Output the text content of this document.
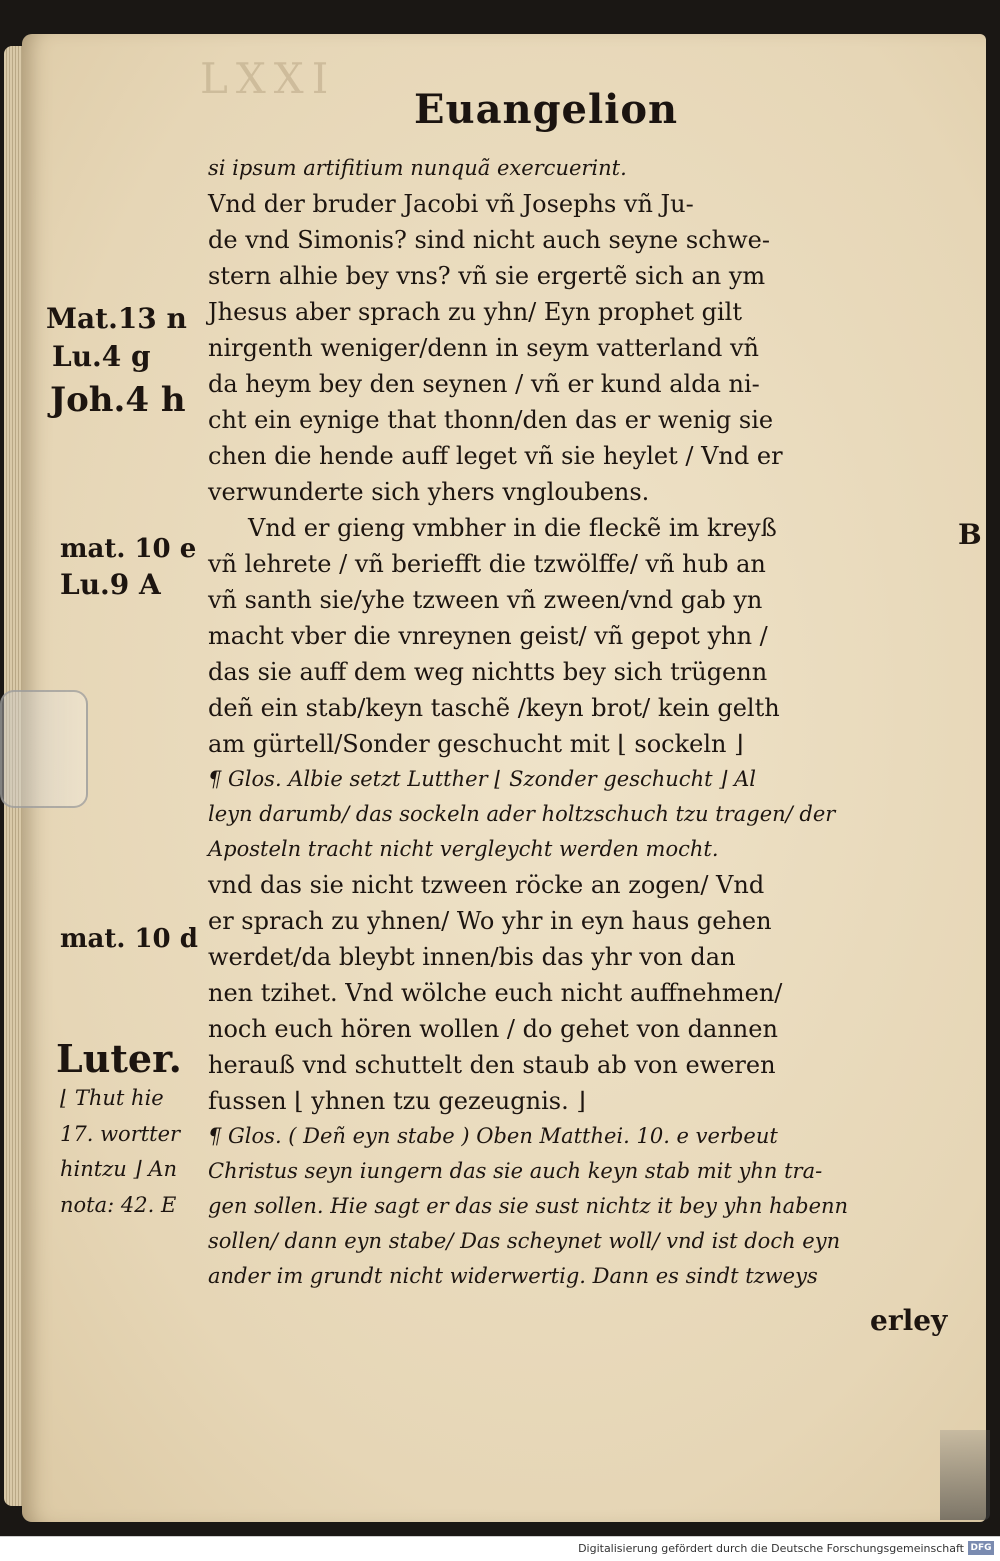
LXXI
Euangelion
si ipsum artifitium nunquã exercuerint.
Vnd der bruder Jacobi vñ Josephs vñ Ju-
de vnd Simonis? sind nicht auch seyne schwe-
stern alhie bey vns? vñ sie ergertẽ sich an ym
Jhesus aber sprach zu yhn/ Eyn prophet gilt
nirgenth weniger/denn in seym vatterland vñ
da heym bey den seynen / vñ er kund alda ni-
cht ein eynige that thonn/den das er wenig sie
chen die hende auff leget vñ sie heylet / Vnd er
verwunderte sich yhers vngloubens.
Vnd er gieng vmbher in die fleckẽ im kreyß
vñ lehrete / vñ beriefft die tzwölffe/ vñ hub an
vñ santh sie/yhe tzween vñ zween/vnd gab yn
macht vber die vnreynen geist/ vñ gepot yhn /
das sie auff dem weg nichtts bey sich trügenn
deñ ein stab/keyn taschẽ /keyn brot/ kein gelth
am gürtell/Sonder geschucht mit ⌊ sockeln ⌋
¶ Glos. Albie setzt Lutther ⌊ Szonder geschucht ⌋ Al
leyn darumb/ das sockeln ader holtzschuch tzu tragen/ der
Aposteln tracht nicht vergleycht werden mocht.
vnd das sie nicht tzween röcke an zogen/ Vnd
er sprach zu yhnen/ Wo yhr in eyn haus gehen
werdet/da bleybt innen/bis das yhr von dan
nen tzihet. Vnd wölche euch nicht auffnehmen/
noch euch hören wollen / do gehet von dannen
herauß vnd schuttelt den staub ab von eweren
fussen ⌊ yhnen tzu gezeugnis. ⌋
¶ Glos. ( Deñ eyn stabe ) Oben Matthei. 10. e verbeut
Christus seyn iungern das sie auch keyn stab mit yhn tra-
gen sollen. Hie sagt er das sie sust nichtz it bey yhn habenn
sollen/ dann eyn stabe/ Das scheynet woll/ vnd ist doch eyn
ander im grundt nicht widerwertig. Dann es sindt tzweys
Mat.13 n
Lu.4 g
Joh.4 h
mat. 10 e
Lu.9 A
mat. 10 d
Luter.
⌊ Thut hie
17. wortter
hintzu ⌋ An
nota: 42. E
B
erley
Digitalisierung gefördert durch die Deutsche Forschungsgemeinschaft DFG
